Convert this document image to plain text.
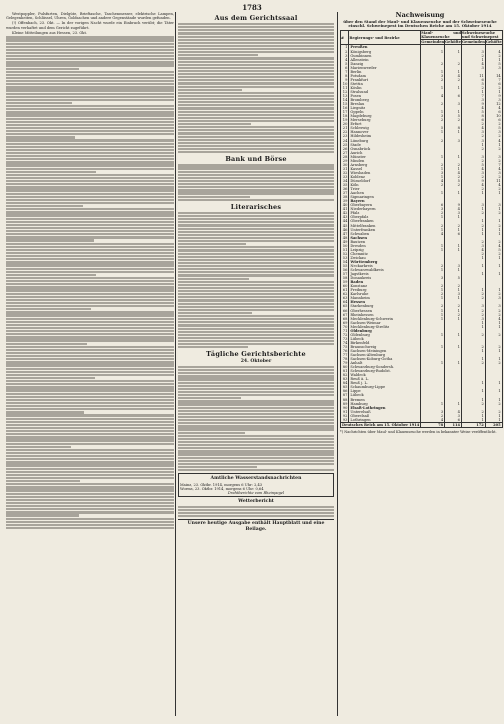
1783
Westpoppler, Pulsfurten, Dielgüte, Brieftasche, Taschenmesser, elektrische Lampen, Gelegenheiten, Schlüssel, Uhren, Goldsachen und andere Gegenstände wurden gefunden.
(!) Offenbach, 23. Okt. — In der vorigen Nacht wurde ein Einbruch verübt; die Täter wurden verhaftet und dem Gericht zugeführt.
Kleine Mitteilungen aus Hessen, 23. Okt.
Aus dem Gerichtssaal
Bank und Börse
Literarisches
Tägliche Gerichtsberichte
24. Oktober
Amtliche Wasserstandsnachrichten
Mainz, 23. Oktbr. 1914, morgens 6 Uhr: 2,43
Worms, 23. Oktbr. 1914, morgens 6 Uhr: 0,64
Drahtberichte vom Rheinpegel
Wetterbericht
Unsere heutige Ausgabe enthält Hauptblatt und eine Beilage.
Nachweisung
über den Stand der Maul- und Klauenseuche und der Schweineseuche einschl. Schweinepest im Deutschen Reiche am 15. Oktober 1914
#	Regierungs- und Bezirke	Maul- und Klauenseuche		Schweineseuche und Schweinepest	
		Gemeinden	Gehöfte	Gemeinden	Gehöfte
1	Preußen				
2	Königsberg	1	1	3	4
3	Gumbinnen			2	2
4	Allenstein			1	1
5	Danzig	2	2	4	5
6	Marienwerder			3	3
7	Berlin	1	1		
8	Potsdam	3	4	11	14
9	Frankfurt	2	2	6	7
10	Stettin			5	6
11	Köslin	1	1	2	2
12	Stralsund			1	1
13	Posen	4	6	7	9
14	Bromberg			3	3
15	Breslau	2	3	9	12
16	Liegnitz			4	4
17	Oppeln	1	1	5	6
18	Magdeburg	3	5	8	10
19	Merseburg	2	2	6	6
20	Erfurt			2	2
21	Schleswig	5	8	4	5
22	Hannover	1	1	3	3
23	Hildesheim			2	2
24	Lüneburg	2	3	3	4
25	Stade			1	1
26	Osnabrück			2	2
27	Aurich				
28	Münster	1	1	3	3
29	Minden			2	2
30	Arnsberg	2	2	5	7
31	Kassel	1	1	4	4
32	Wiesbaden	3	4	3	3
33	Koblenz	1	2	2	2
34	Düsseldorf	4	5	9	11
35	Köln	2	2	4	4
36	Trier			2	2
37	Aachen	1	1	1	1
38	Sigmaringen				
39	Bayern				
40	Oberbayern	6	9	3	3
41	Niederbayern	3	4	1	1
42	Pfalz	2	3	2	2
43	Oberpfalz	1	1		
44	Oberfranken			1	1
45	Mittelfranken	2	2	2	2
46	Unterfranken	1	1	1	1
47	Schwaben	4	6	1	1
48	Sachsen				
49	Bautzen			2	2
50	Dresden	1	1	3	4
51	Leipzig	1	1	4	5
52	Chemnitz			2	2
53	Zwickau			1	1
54	Württemberg				
55	Neckarkreis	2	3	1	1
56	Schwarzwaldkreis	1	1		
57	Jagstkreis			1	1
58	Donaukreis	3	5		
59	Baden				
60	Konstanz	2	2		
61	Freiburg	1	1	1	1
62	Karlsruhe	2	3	2	2
63	Mannheim	1	1	2	3
64	Hessen				
65	Starkenburg	2	2	3	3
66	Oberhessen	1	1	2	2
67	Rheinhessen	1	2	2	2
68	Mecklenburg-Schwerin	1	1	3	4
69	Sachsen-Weimar			1	1
70	Mecklenburg-Strelitz			1	1
71	Oldenburg				
72	Oldenburg	1	1	2	2
73	Lübeck				
74	Birkenfeld				
75	Braunschweig	1	1	2	2
76	Sachsen-Meiningen			1	1
77	Sachsen-Altenburg				
78	Sachsen-Koburg-Gotha			1	1
79	Anhalt	1	1	2	2
80	Schwarzburg-Sondersh.				
81	Schwarzburg-Rudolst.				
82	Waldeck				
83	Reuß ä. L.				
84	Reuß j. L.			1	1
85	Schaumburg-Lippe				
86	Lippe			1	1
87	Lübeck				
88	Bremen			1	1
89	Hamburg	1	1	2	2
90	Elsaß-Lothringen				
91	Unterelsaß	3	4	2	2
92	Oberelsaß	2	3	1	1
93	Lothringen	4	6	1	1
Deutsches Reich am 15. Oktober 1914		78	114	172	205
*) Nachrichten über Maul- und Klauenseuche werden in bekannter Weise veröffentlicht.
